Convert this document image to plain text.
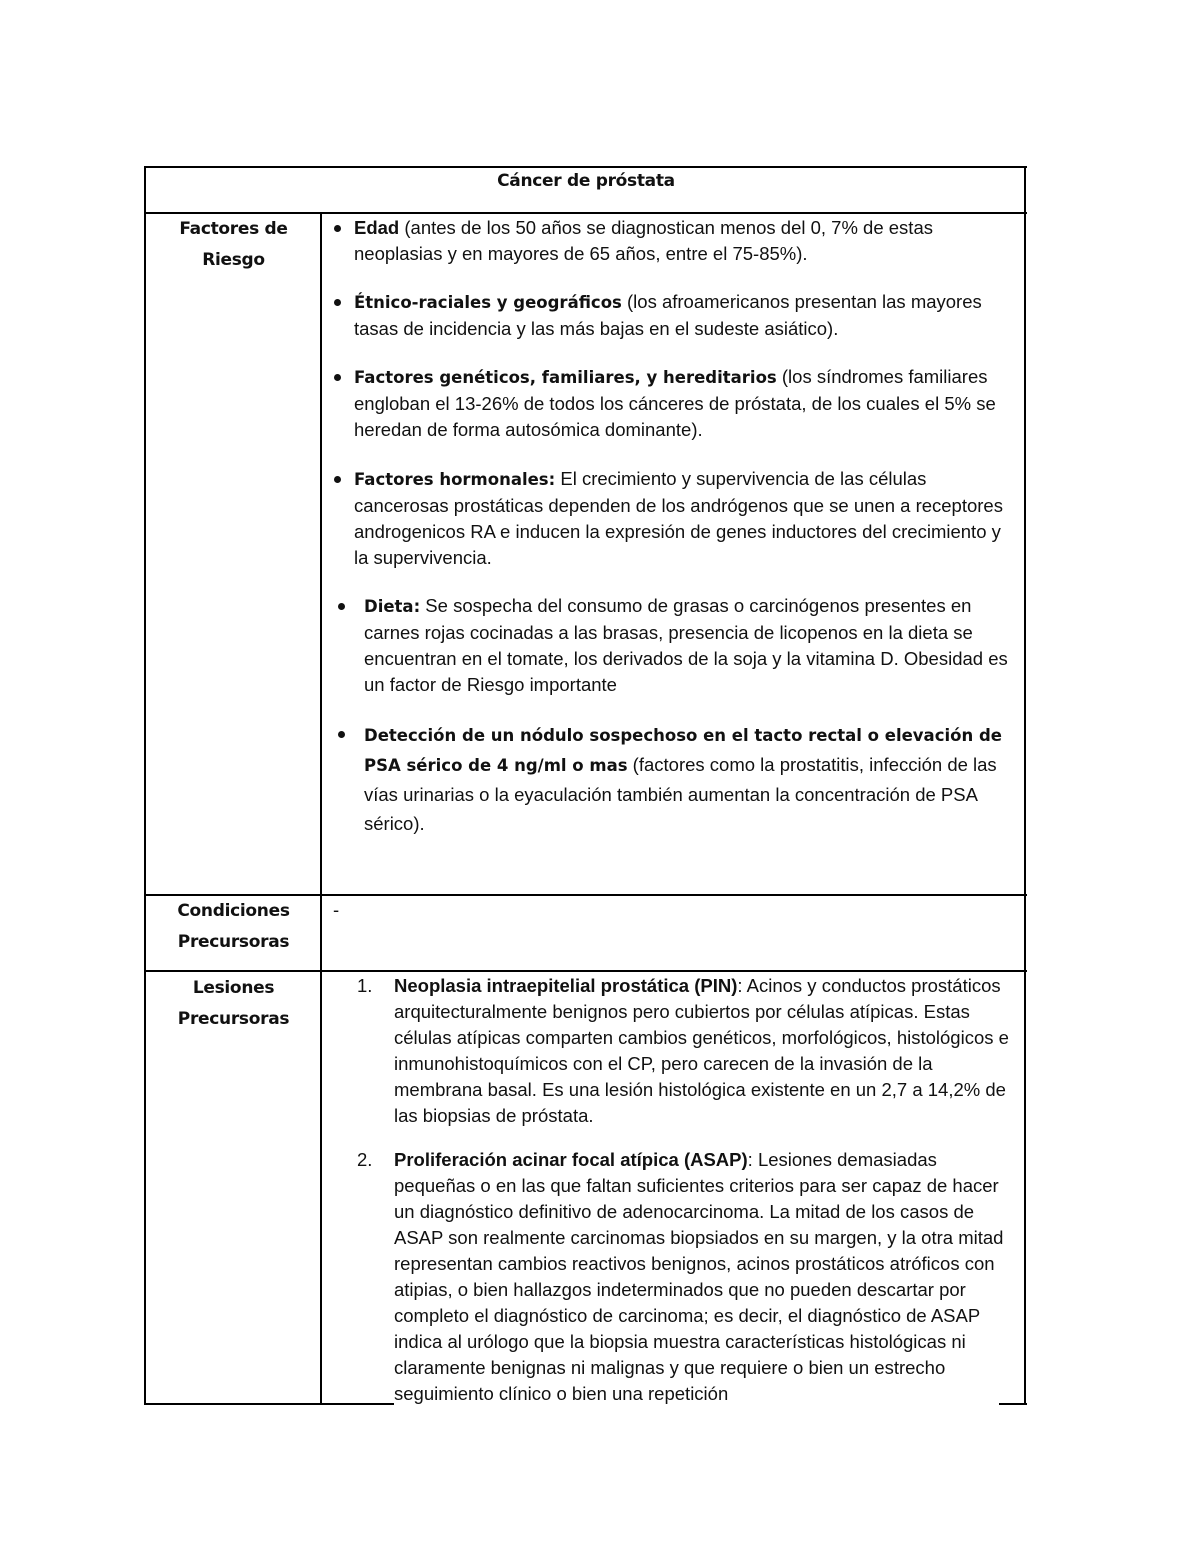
Cáncer de próstata
Factores de
Riesgo
Edad (antes de los 50 años se diagnostican menos del 0, 7% de estas neoplasias y en mayores de 65 años, entre el 75-85%).
Étnico-raciales y geográficos (los afroamericanos presentan las mayores tasas de incidencia y las más bajas en el sudeste asiático).
Factores genéticos, familiares, y hereditarios (los síndromes familiares engloban el 13-26% de todos los cánceres de próstata, de los cuales el 5% se heredan de forma autosómica dominante).
Factores hormonales: El crecimiento y supervivencia de las células cancerosas prostáticas dependen de los andrógenos que se unen a receptores androgenicos RA e inducen la expresión de genes inductores del crecimiento y la supervivencia.
Dieta: Se sospecha del consumo de grasas o carcinógenos presentes en carnes rojas cocinadas a las brasas, presencia de licopenos en la dieta se encuentran en el tomate, los derivados de la soja y la vitamina D. Obesidad es un factor de Riesgo importante
Detección de un nódulo sospechoso en el tacto rectal o elevación de PSA sérico de 4 ng/ml o mas (factores como la prostatitis, infección de las vías urinarias o la eyaculación también aumentan la concentración de PSA sérico).
Condiciones
Precursoras
-
Lesiones
Precursoras
1.	Neoplasia intraepitelial prostática (PIN): Acinos y conductos prostáticos arquitecturalmente benignos pero cubiertos por células atípicas. Estas células atípicas comparten cambios genéticos, morfológicos, histológicos e inmunohistoquímicos con el CP, pero carecen de la invasión de la membrana basal. Es una lesión histológica existente en un 2,7 a 14,2% de las biopsias de próstata.
2.	Proliferación acinar focal atípica (ASAP): Lesiones demasiadas pequeñas o en las que faltan suficientes criterios para ser capaz de hacer un diagnóstico definitivo de adenocarcinoma. La mitad de los casos de ASAP son realmente carcinomas biopsiados en su margen, y la otra mitad representan cambios reactivos benignos, acinos prostáticos atróficos con atipias, o bien hallazgos indeterminados que no pueden descartar por completo el diagnóstico de carcinoma; es decir, el diagnóstico de ASAP indica al urólogo que la biopsia muestra características histológicas ni claramente benignas ni malignas y que requiere o bien un estrecho seguimiento clínico o bien una repetición
